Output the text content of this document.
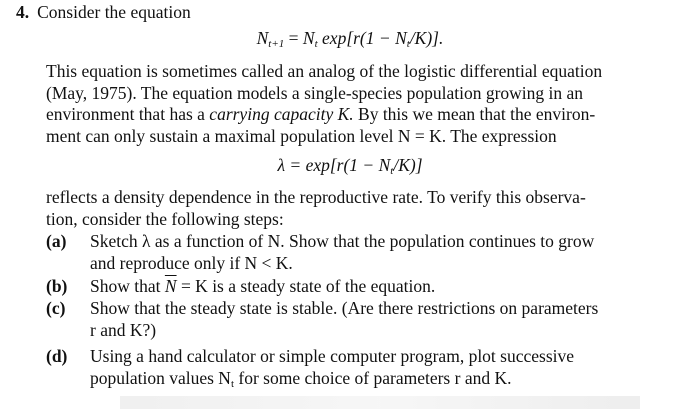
4. Consider the equation
$N_{t+1} = N_t$ $\exp[r(1 - N_t/K)]$.
This equation is sometimes called an analog of the logistic differential equation
(May, 1975). The equation models a single-species population growing in an
environment that has a carrying capacity K. By this we mean that the environ-
ment can only sustain a maximal population level N = K. The expression
$\lambda = \exp[r(1 - N_t/K)]$
reflects a density dependence in the reproductive rate. To verify this observa-
tion, consider the following steps:
(a) Sketch λ as a function of N. Show that the population continues to grow
and reproduce only if N < K.
(b) Show that $\overline{N} = K$ is a steady state of the equation.
(c) Show that the steady state is stable. (Are there restrictions on parameters
r and K?)
(d) Using a hand calculator or simple computer program, plot successive
population values $N_t$ for some choice of parameters r and K.
